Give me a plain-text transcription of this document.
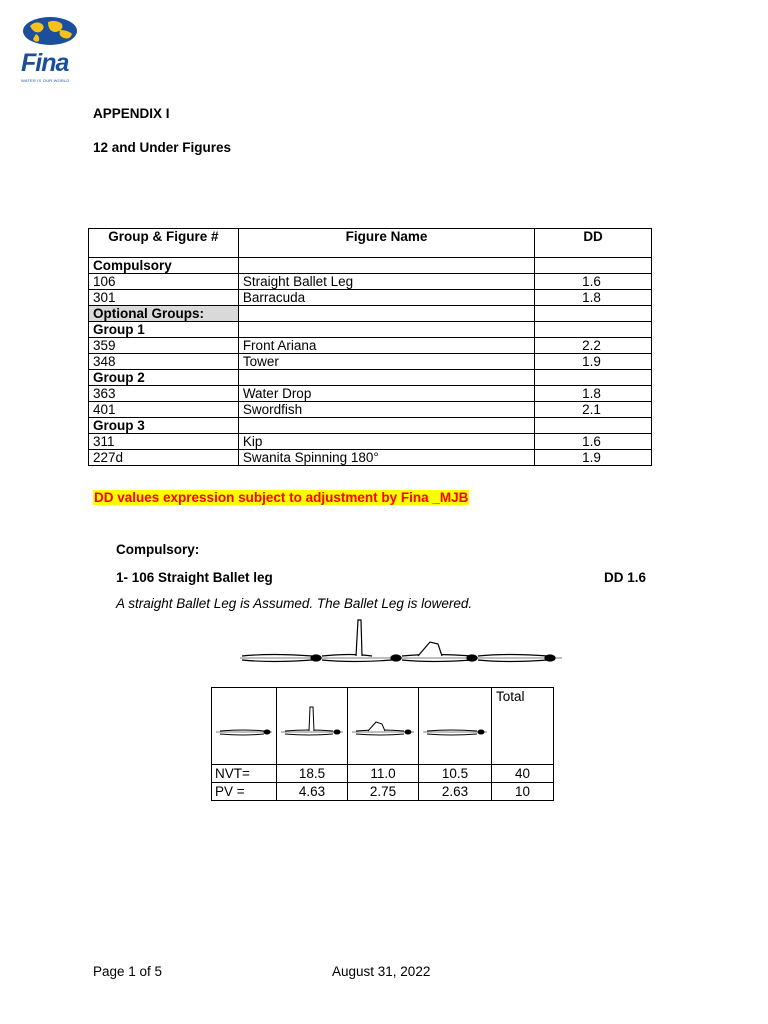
Fina
WATER IS OUR WORLD
APPENDIX I
12 and Under Figures
Group & Figure #	Figure Name	DD
Compulsory		
106	Straight Ballet Leg	1.6
301	Barracuda	1.8
Optional Groups:		
Group 1		
359	Front Ariana	2.2
348	Tower	1.9
Group 2		
363	Water Drop	1.8
401	Swordfish	2.1
Group 3		
311	Kip	1.6
227d	Swanita Spinning 180°	1.9
DD values expression subject to adjustment by Fina _MJB
Compulsory:
1- 106 Straight Ballet leg	DD 1.6
A straight Ballet Leg is Assumed. The Ballet Leg is lowered.
				Total
NVT=	18.5	11.0	10.5	40
PV =	4.63	2.75	2.63	10
Page 1 of 5	August 31, 2022
